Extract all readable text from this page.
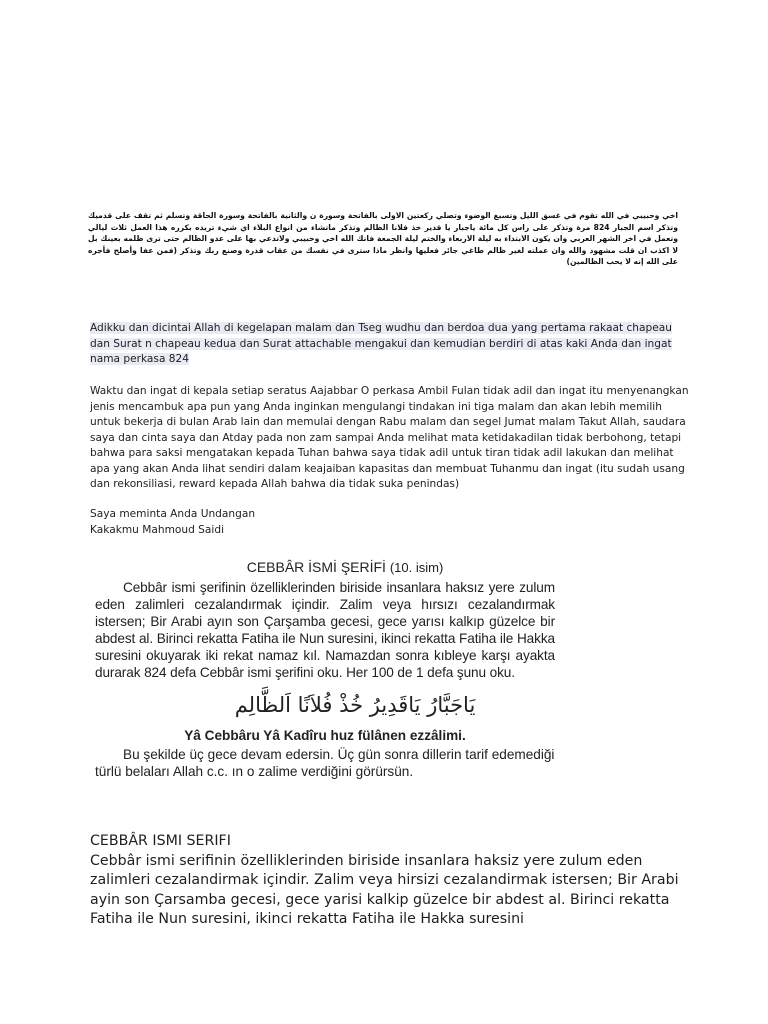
اخي وحبيبي في الله تقوم في غسق الليل وتسبغ الوضوء وتصلي ركعتين الاولى بالفاتحة وسورة ن والثانية بالفاتحة وسورة الحاقة وتسلم ثم تقف على قدميك وتذكر اسم الجبار 824 مرة وتذكر على راس كل مائة ياجبار يا قدير خذ فلانا الظالم وتذكر ماتشاء من انواع البلاء اي شيء تريده بكرره هذا العمل ثلاث ليالي وتعمل في اخر الشهر العربي وان يكون الابتداء به ليلة الاربعاء والختم ليلة الجمعة فانك الله اخي وحبيبي ولاتدعي بها على عدو الظالم حتى ترى ظلمه بعينك بل لا اكذب ان قلت مشهود والله وان عملته لغير ظالم طاغي جائر فعليها وانظر ماذا سترى في نفسك من عقاب قدرة وصنع ربك وتذكر (فمن عفا وأصلح فأجره على الله إنه لا يحب الظالمين)
Adikku dan dicintai Allah di kegelapan malam dan Tseg wudhu dan berdoa dua yang pertama rakaat chapeau dan Surat n chapeau kedua dan Surat attachable mengakui dan kemudian berdiri di atas kaki Anda dan ingat nama perkasa 824
Waktu dan ingat di kepala setiap seratus Aajabbar O perkasa Ambil Fulan tidak adil dan ingat itu menyenangkan jenis mencambuk apa pun yang Anda inginkan mengulangi tindakan ini tiga malam dan akan lebih memilih untuk bekerja di bulan Arab lain dan memulai dengan Rabu malam dan segel Jumat malam Takut Allah, saudara saya dan cinta saya dan Atday pada non zam sampai Anda melihat mata ketidakadilan tidak berbohong, tetapi bahwa para saksi mengatakan kepada Tuhan bahwa saya tidak adil untuk tiran tidak adil lakukan dan melihat apa yang akan Anda lihat sendiri dalam keajaiban kapasitas dan membuat Tuhanmu dan ingat (itu sudah usang dan rekonsiliasi, reward kepada Allah bahwa dia tidak suka penindas)
Saya meminta Anda Undangan
Kakakmu Mahmoud Saidi
CEBBÂR İSMİ ŞERİFİ (10. isim)
Cebbâr ismi şerifinin özelliklerinden biriside insanlara haksız yere zulum eden zalimleri cezalandırmak içindir. Zalim veya hırsızı cezalandırmak istersen; Bir Arabi ayın son Çarşamba gecesi, gece yarısı kalkıp güzelce bir abdest al. Birinci rekatta Fatiha ile Nun suresini, ikinci rekatta Fatiha ile Hakka suresini okuyarak iki rekat namaz kıl. Namazdan sonra kıbleye karşı ayakta durarak 824 defa Cebbâr ismi şerifini oku. Her 100 de 1 defa şunu oku.
يَاجَبَّارُ يَاقَدِيرُ خُذْ فُلاَنًا اَلظَّالِم
Yâ Cebbâru Yâ Kadîru huz fülânen ezzâlimi.
Bu şekilde üç gece devam edersin. Üç gün sonra dillerin tarif edemediği türlü belaları Allah c.c. ın o zalime verdiğini görürsün.
CEBBÂR ISMI SERIFI
Cebbâr ismi serifinin özelliklerinden biriside insanlara haksiz yere zulum eden zalimleri cezalandirmak içindir. Zalim veya hirsizi cezalandirmak istersen; Bir Arabi ayin son Çarsamba gecesi, gece yarisi kalkip güzelce bir abdest al. Birinci rekatta Fatiha ile Nun suresini, ikinci rekatta Fatiha ile Hakka suresini
